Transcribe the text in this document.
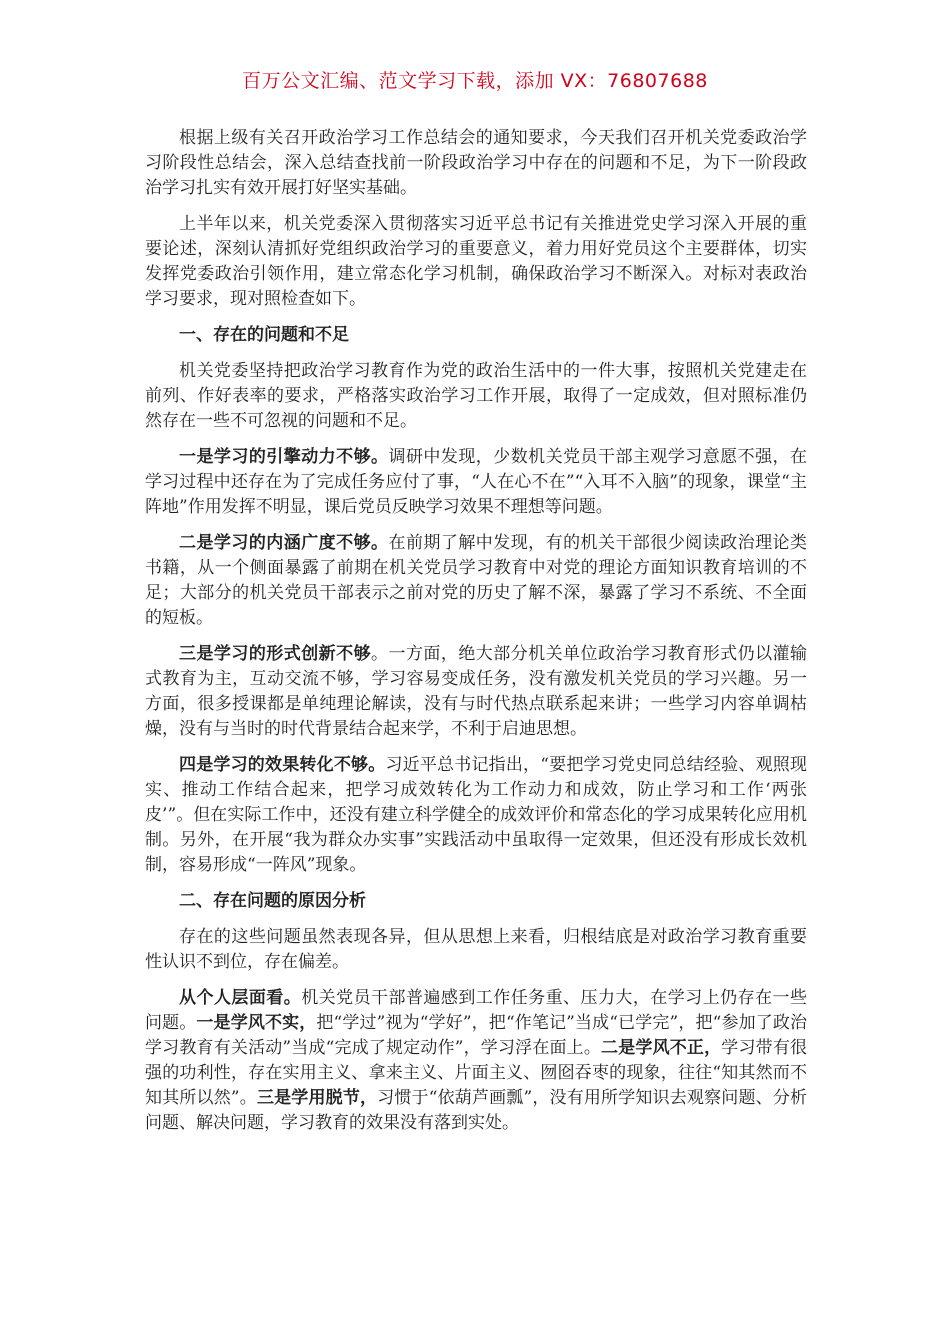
百万公文汇编、范文学习下载，添加 VX：76807688

根据上级有关召开政治学习工作总结会的通知要求，今天我们召开机关党委政治学习阶段性总结会，深入总结查找前一阶段政治学习中存在的问题和不足，为下一阶段政治学习扎实有效开展打好坚实基础。

上半年以来，机关党委深入贯彻落实习近平总书记有关推进党史学习深入开展的重要论述，深刻认清抓好党组织政治学习的重要意义，着力用好党员这个主要群体，切实发挥党委政治引领作用，建立常态化学习机制，确保政治学习不断深入。对标对表政治学习要求，现对照检查如下。

一、存在的问题和不足

机关党委坚持把政治学习教育作为党的政治生活中的一件大事，按照机关党建走在前列、作好表率的要求，严格落实政治学习工作开展，取得了一定成效，但对照标准仍然存在一些不可忽视的问题和不足。

一是学习的引擎动力不够。调研中发现，少数机关党员干部主观学习意愿不强，在学习过程中还存在为了完成任务应付了事，“人在心不在”“入耳不入脑”的现象，课堂“主阵地”作用发挥不明显，课后党员反映学习效果不理想等问题。

二是学习的内涵广度不够。在前期了解中发现，有的机关干部很少阅读政治理论类书籍，从一个侧面暴露了前期在机关党员学习教育中对党的理论方面知识教育培训的不足；大部分的机关党员干部表示之前对党的历史了解不深，暴露了学习不系统、不全面的短板。

三是学习的形式创新不够。一方面，绝大部分机关单位政治学习教育形式仍以灌输式教育为主，互动交流不够，学习容易变成任务，没有激发机关党员的学习兴趣。另一方面，很多授课都是单纯理论解读，没有与时代热点联系起来讲；一些学习内容单调枯燥，没有与当时的时代背景结合起来学，不利于启迪思想。

四是学习的效果转化不够。习近平总书记指出，“要把学习党史同总结经验、观照现实、推动工作结合起来，把学习成效转化为工作动力和成效，防止学习和工作‘两张皮’”。但在实际工作中，还没有建立科学健全的成效评价和常态化的学习成果转化应用机制。另外，在开展“我为群众办实事”实践活动中虽取得一定效果，但还没有形成长效机制，容易形成“一阵风”现象。

二、存在问题的原因分析

存在的这些问题虽然表现各异，但从思想上来看，归根结底是对政治学习教育重要性认识不到位，存在偏差。

从个人层面看。机关党员干部普遍感到工作任务重、压力大，在学习上仍存在一些问题。一是学风不实，把“学过”视为“学好”，把“作笔记”当成“已学完”，把“参加了政治学习教育有关活动”当成“完成了规定动作”，学习浮在面上。二是学风不正，学习带有很强的功利性，存在实用主义、拿来主义、片面主义、囫囵吞枣的现象，往往“知其然而不知其所以然”。三是学用脱节，习惯于“依葫芦画瓢”，没有用所学知识去观察问题、分析问题、解决问题，学习教育的效果没有落到实处。
